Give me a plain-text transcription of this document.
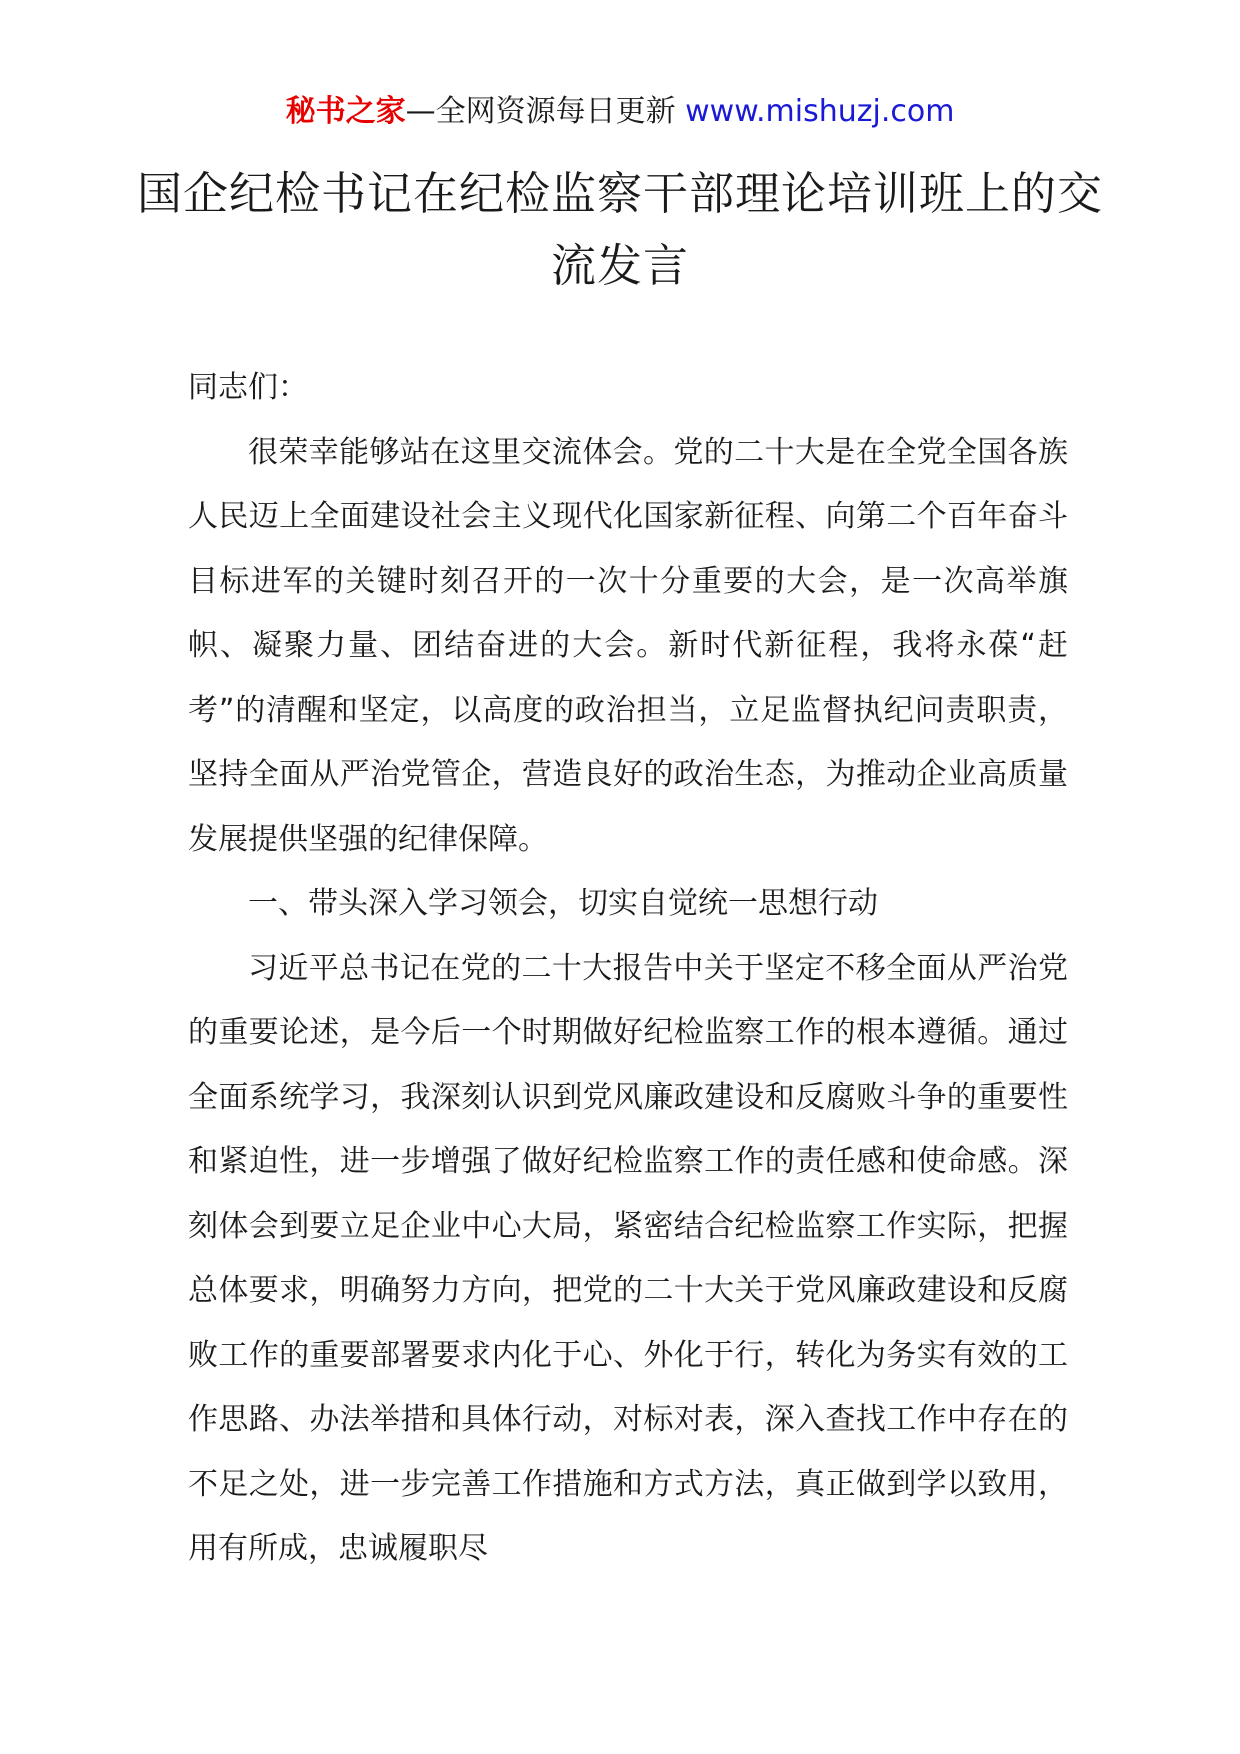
秘书之家—全网资源每日更新 www.mishuzj.com
国企纪检书记在纪检监察干部理论培训班上的交流发言

同志们：

很荣幸能够站在这里交流体会。党的二十大是在全党全国各族人民迈上全面建设社会主义现代化国家新征程、向第二个百年奋斗目标进军的关键时刻召开的一次十分重要的大会，是一次高举旗帜、凝聚力量、团结奋进的大会。新时代新征程，我将永葆“赶考”的清醒和坚定，以高度的政治担当，立足监督执纪问责职责，坚持全面从严治党管企，营造良好的政治生态，为推动企业高质量发展提供坚强的纪律保障。

一、带头深入学习领会，切实自觉统一思想行动

习近平总书记在党的二十大报告中关于坚定不移全面从严治党的重要论述，是今后一个时期做好纪检监察工作的根本遵循。通过全面系统学习，我深刻认识到党风廉政建设和反腐败斗争的重要性和紧迫性，进一步增强了做好纪检监察工作的责任感和使命感。深刻体会到要立足企业中心大局，紧密结合纪检监察工作实际，把握总体要求，明确努力方向，把党的二十大关于党风廉政建设和反腐败工作的重要部署要求内化于心、外化于行，转化为务实有效的工作思路、办法举措和具体行动，对标对表，深入查找工作中存在的不足之处，进一步完善工作措施和方式方法，真正做到学以致用，用有所成，忠诚履职尽
